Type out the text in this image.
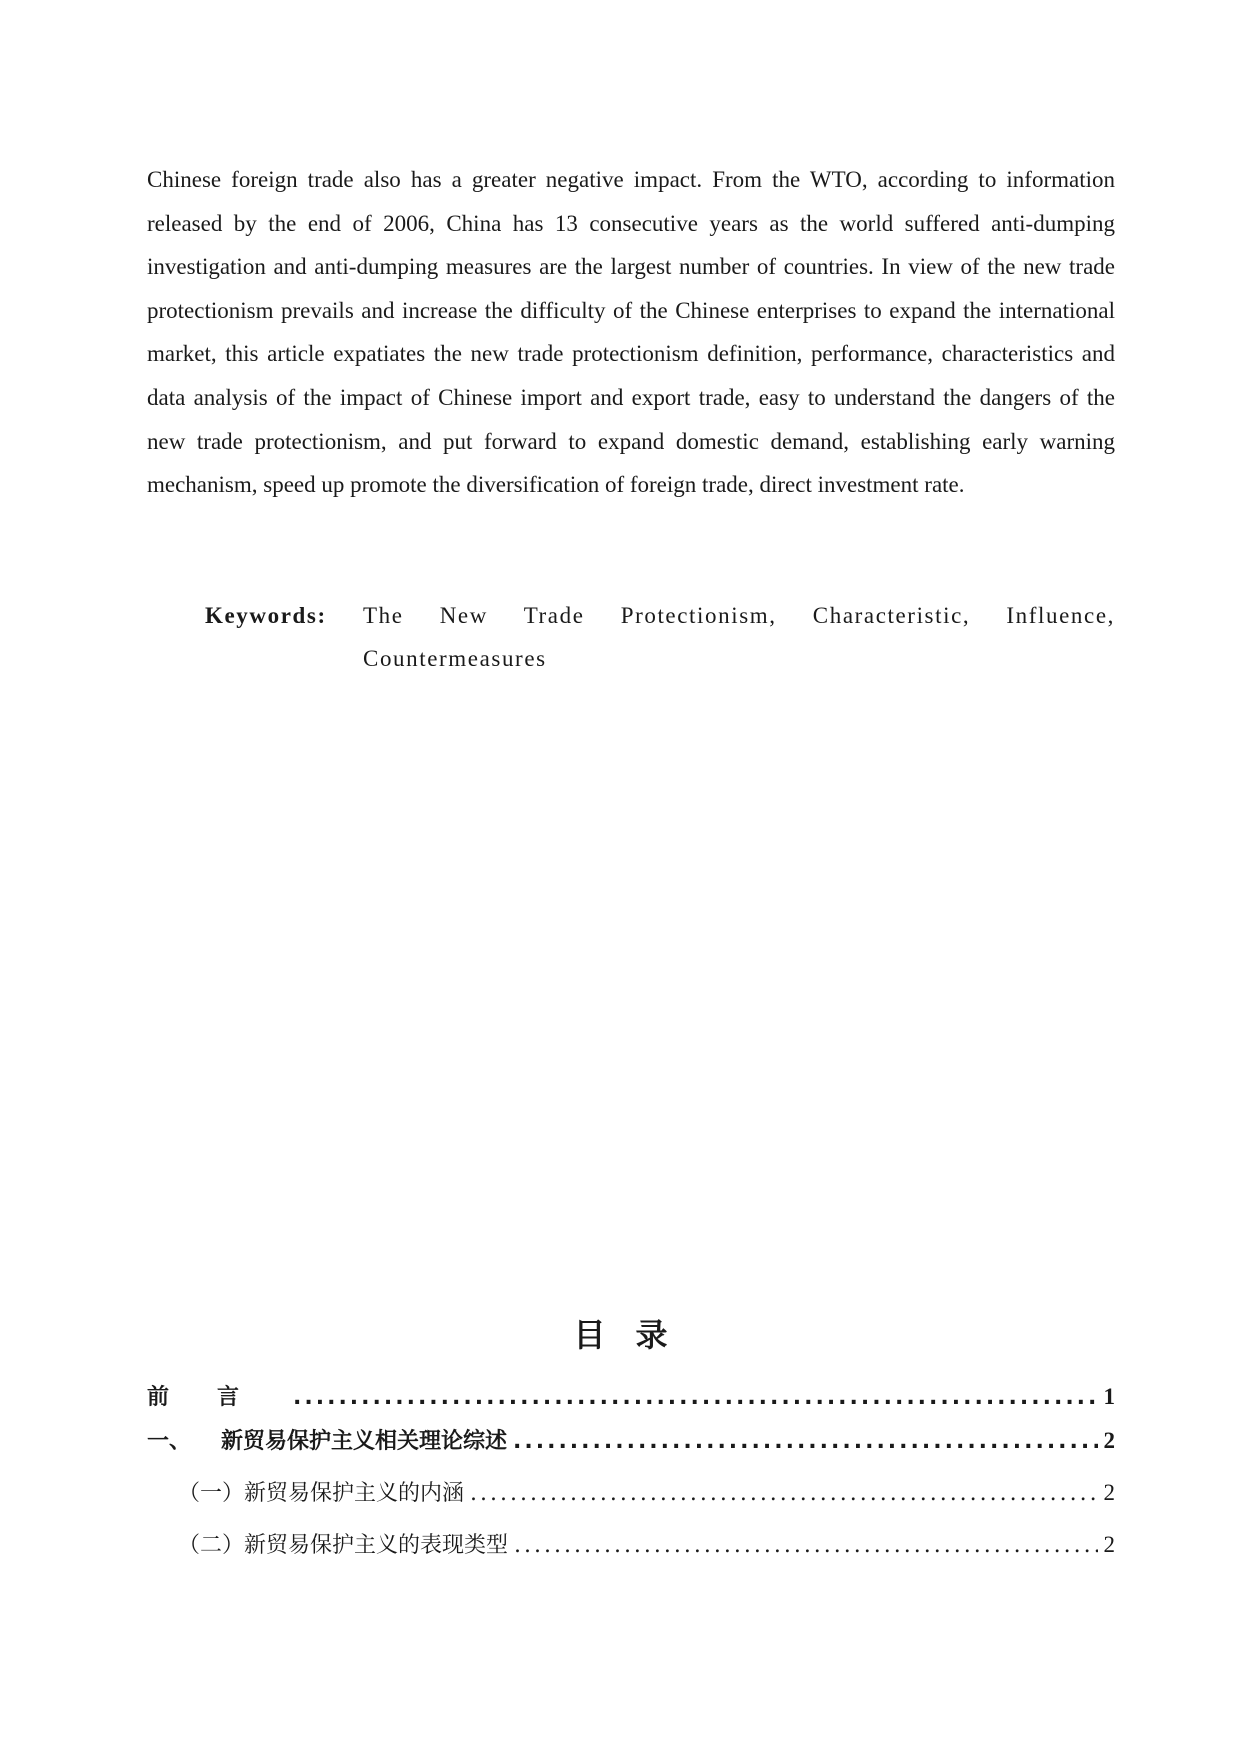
Chinese foreign trade also has a greater negative impact. From the WTO, according to information released by the end of 2006, China has 13 consecutive years as the world suffered anti-dumping investigation and anti-dumping measures are the largest number of countries. In view of the new trade protectionism prevails and increase the difficulty of the Chinese enterprises to expand the international market, this article expatiates the new trade protectionism definition, performance, characteristics and data analysis of the impact of Chinese import and export trade, easy to understand the dangers of the new trade protectionism, and put forward to expand domestic demand, establishing early warning mechanism, speed up promote the diversification of foreign trade, direct investment rate.

Keywords:	The New Trade Protectionism, Characteristic, Influence, Countermeasures
目录
前言 .....	1
一、	新贸易保护主义相关理论综述 .....	2
（一）新贸易保护主义的内涵 .....	2
（二）新贸易保护主义的表现类型 .....	2
